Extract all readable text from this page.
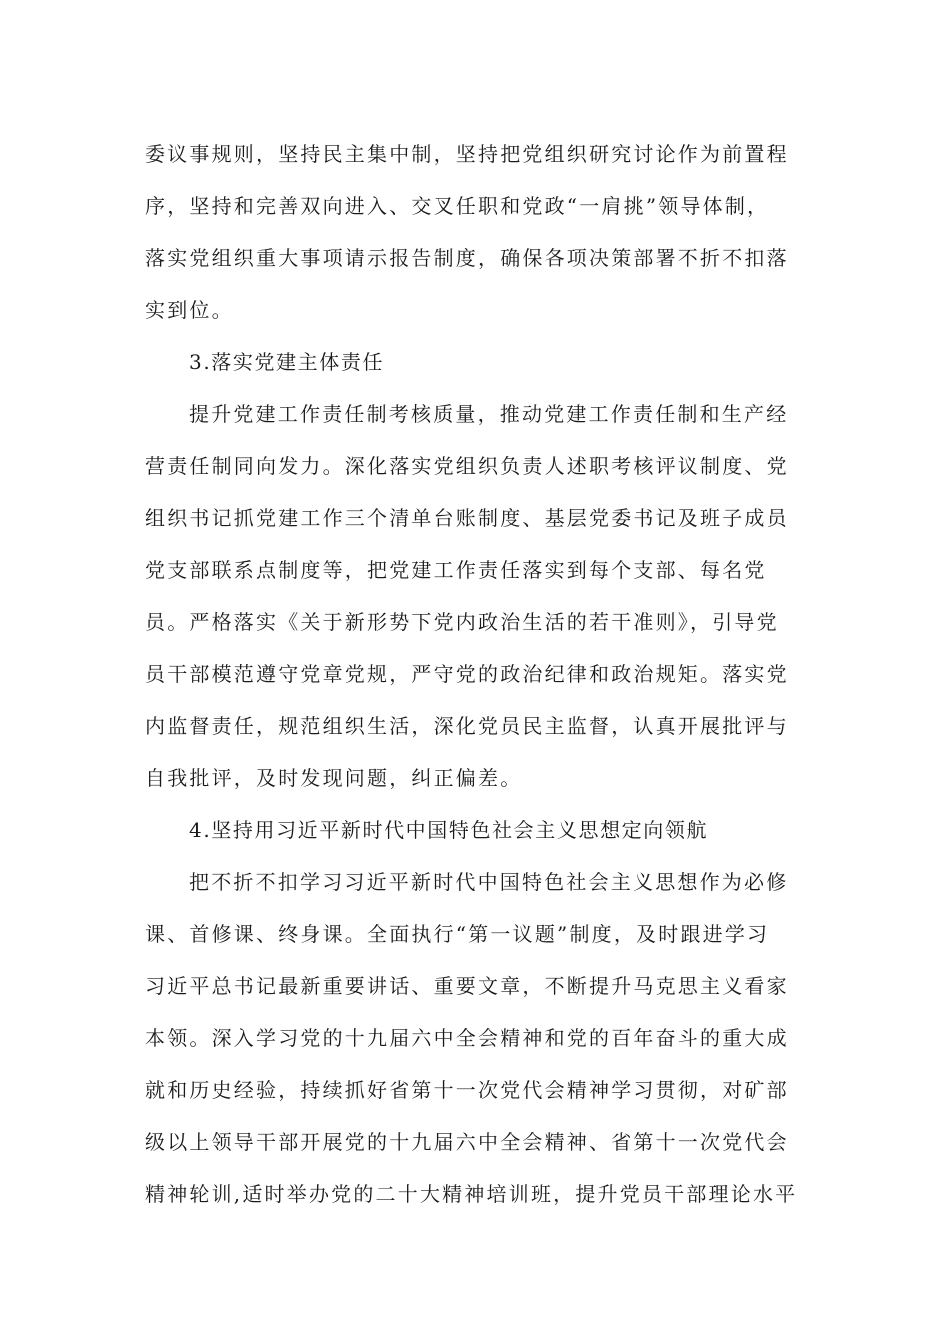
委议事规则，坚持民主集中制，坚持把党组织研究讨论作为前置程

序，坚持和完善双向进入、交叉任职和党政“一肩挑”领导体制，

落实党组织重大事项请示报告制度，确保各项决策部署不折不扣落

实到位。

3.落实党建主体责任

提升党建工作责任制考核质量，推动党建工作责任制和生产经

营责任制同向发力。深化落实党组织负责人述职考核评议制度、党

组织书记抓党建工作三个清单台账制度、基层党委书记及班子成员

党支部联系点制度等，把党建工作责任落实到每个支部、每名党

员。严格落实《关于新形势下党内政治生活的若干准则》，引导党

员干部模范遵守党章党规，严守党的政治纪律和政治规矩。落实党

内监督责任，规范组织生活，深化党员民主监督，认真开展批评与

自我批评，及时发现问题，纠正偏差。

4.坚持用习近平新时代中国特色社会主义思想定向领航

把不折不扣学习习近平新时代中国特色社会主义思想作为必修

课、首修课、终身课。全面执行“第一议题”制度，及时跟进学习

习近平总书记最新重要讲话、重要文章，不断提升马克思主义看家

本领。深入学习党的十九届六中全会精神和党的百年奋斗的重大成

就和历史经验，持续抓好省第十一次党代会精神学习贯彻，对矿部

级以上领导干部开展党的十九届六中全会精神、省第十一次党代会

精神轮训,适时举办党的二十大精神培训班，提升党员干部理论水平
